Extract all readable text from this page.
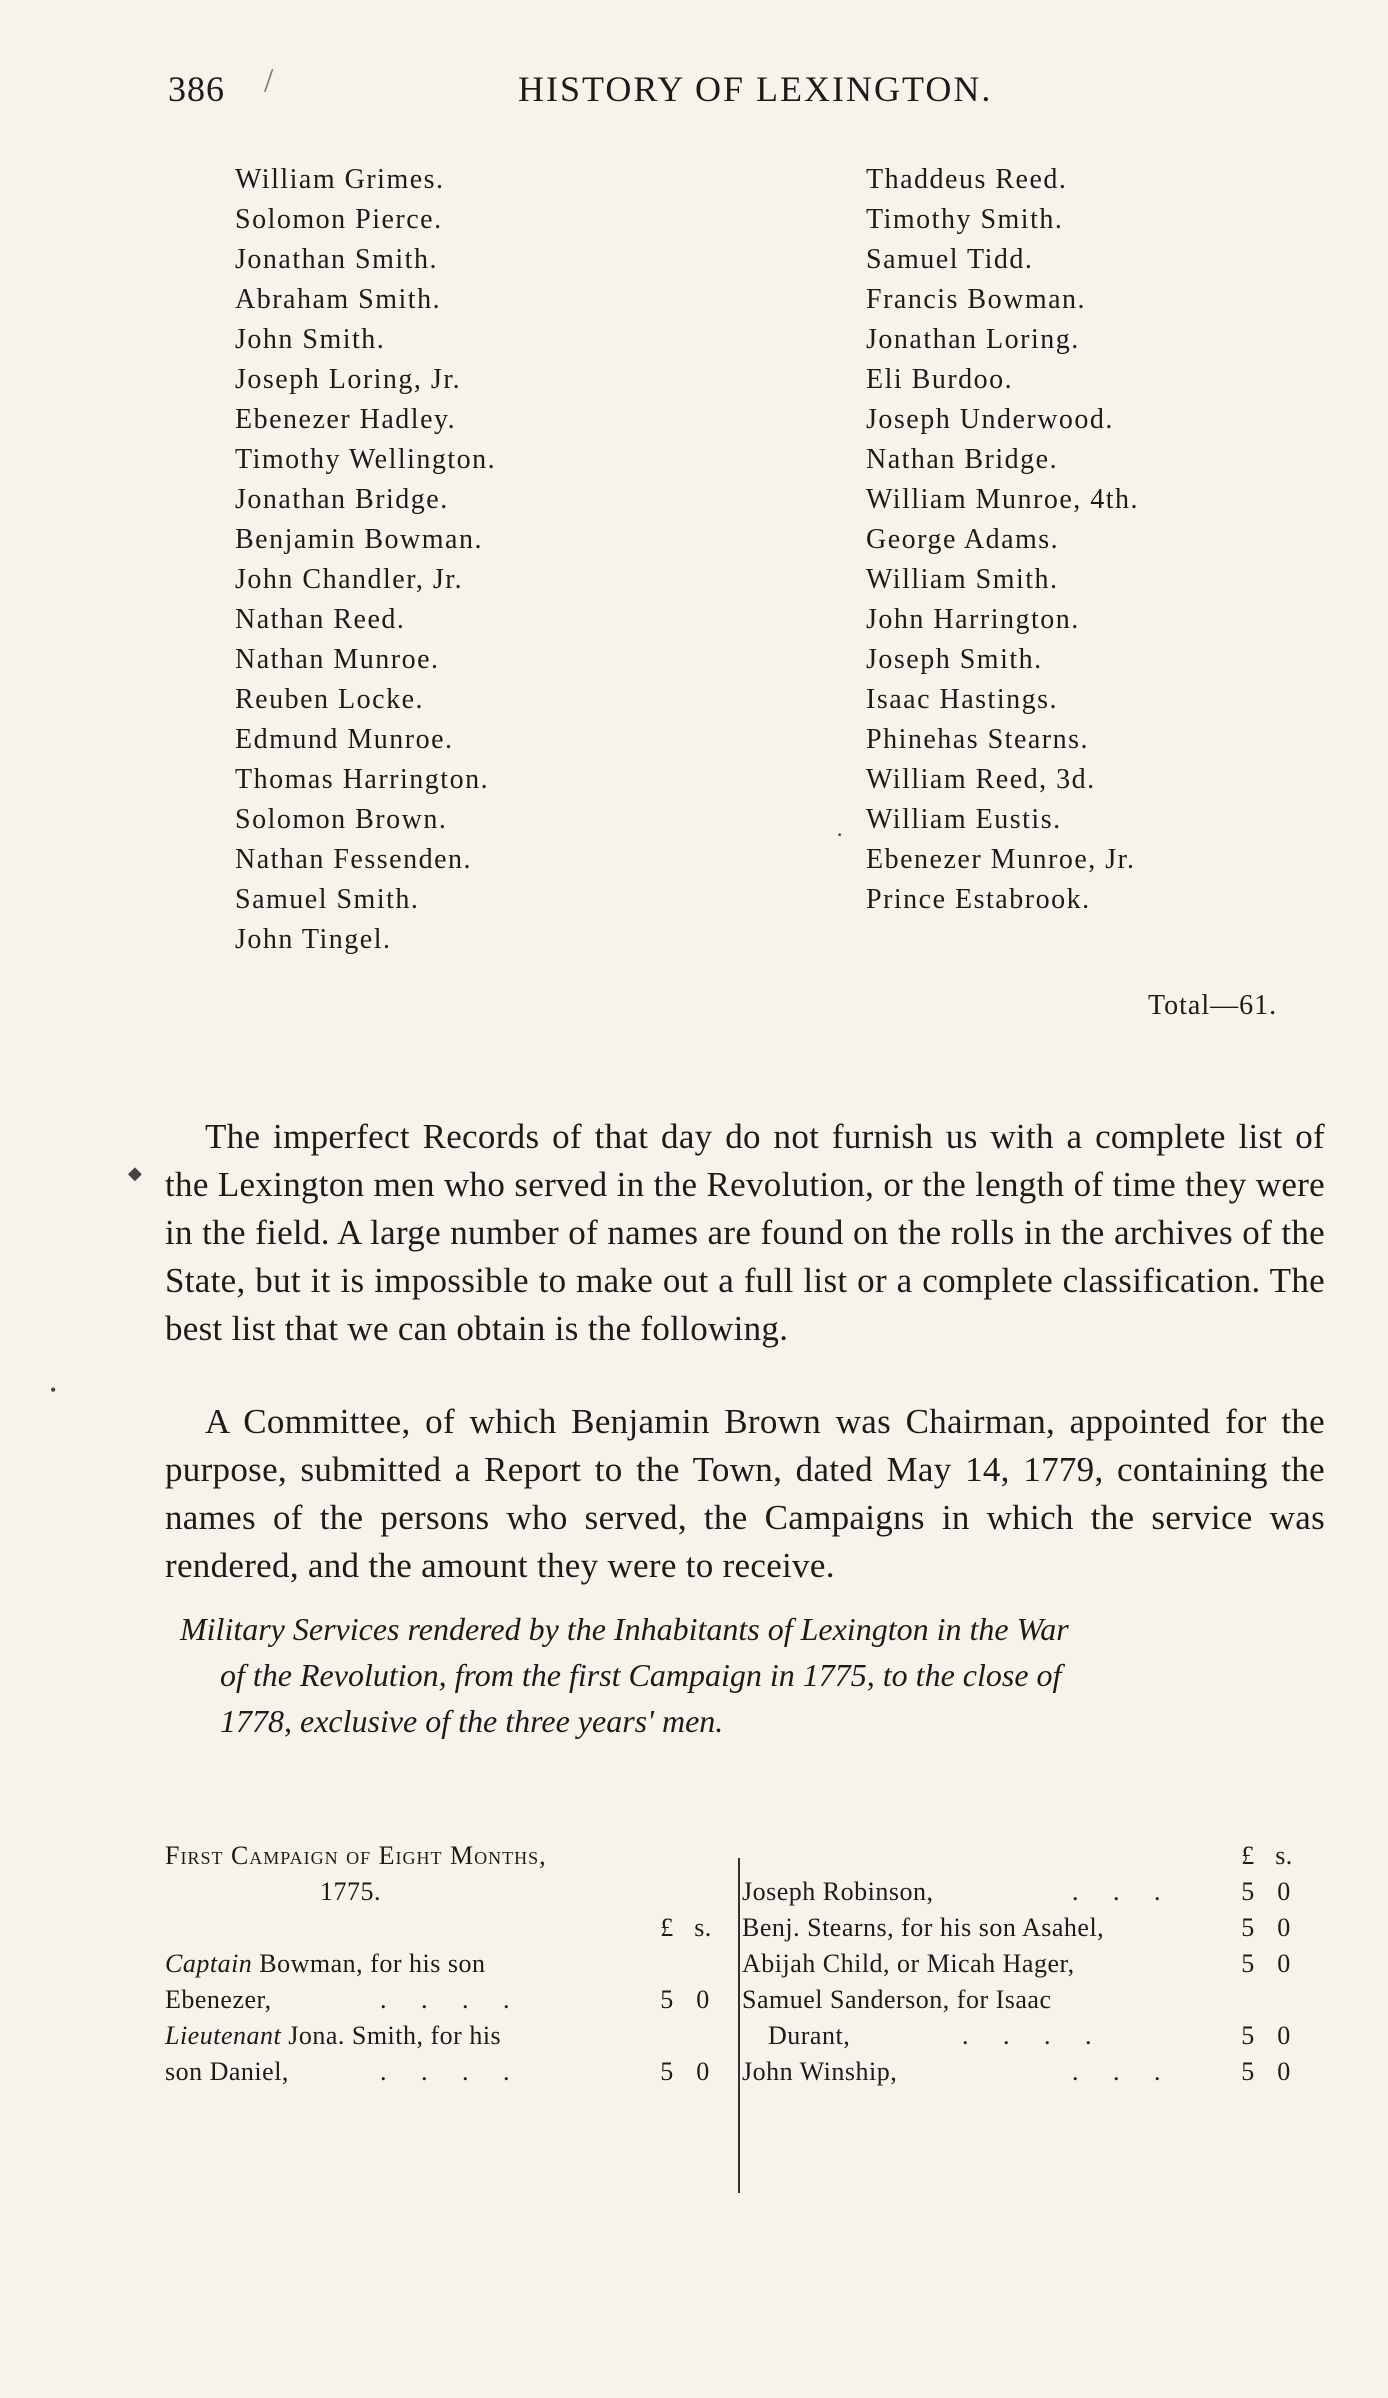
386 /	HISTORY OF LEXINGTON.
William Grimes.
Solomon Pierce.
Jonathan Smith.
Abraham Smith.
John Smith.
Joseph Loring, Jr.
Ebenezer Hadley.
Timothy Wellington.
Jonathan Bridge.
Benjamin Bowman.
John Chandler, Jr.
Nathan Reed.
Nathan Munroe.
Reuben Locke.
Edmund Munroe.
Thomas Harrington.
Solomon Brown.
Nathan Fessenden.
Samuel Smith.
John Tingel.
Thaddeus Reed.
Timothy Smith.
Samuel Tidd.
Francis Bowman.
Jonathan Loring.
Eli Burdoo.
Joseph Underwood.
Nathan Bridge.
William Munroe, 4th.
George Adams.
William Smith.
John Harrington.
Joseph Smith.
Isaac Hastings.
Phinehas Stearns.
William Reed, 3d.
William Eustis.
Ebenezer Munroe, Jr.
Prince Estabrook.
·
Total—61.
◆
•

The imperfect Records of that day do not furnish us with a complete list of the Lexington men who served in the Revolution, or the length of time they were in the field. A large number of names are found on the rolls in the archives of the State, but it is impossible to make out a full list or a complete classification. The best list that we can obtain is the following.

A Committee, of which Benjamin Brown was Chairman, appointed for the purpose, submitted a Report to the Town, dated May 14, 1779, containing the names of the persons who served, the Campaigns in which the service was rendered, and the amount they were to receive.

Military Services rendered by the Inhabitants of Lexington in the War
of the Revolution, from the first Campaign in 1775, to the close of
1778, exclusive of the three years' men.
First Campaign of Eight Months,
1775.
£ s.
Captain Bowman, for his son
Ebenezer,	. . . .	5 0
Lieutenant Jona. Smith, for his
son Daniel,	. . . .	5 0
£ s.
Joseph Robinson,	. . .	5 0
Benj. Stearns, for his son Asahel,	5 0
Abijah Child, or Micah Hager,	5 0
Samuel Sanderson, for Isaac
Durant,	. . . .	5 0
John Winship,	. . .	5 0
